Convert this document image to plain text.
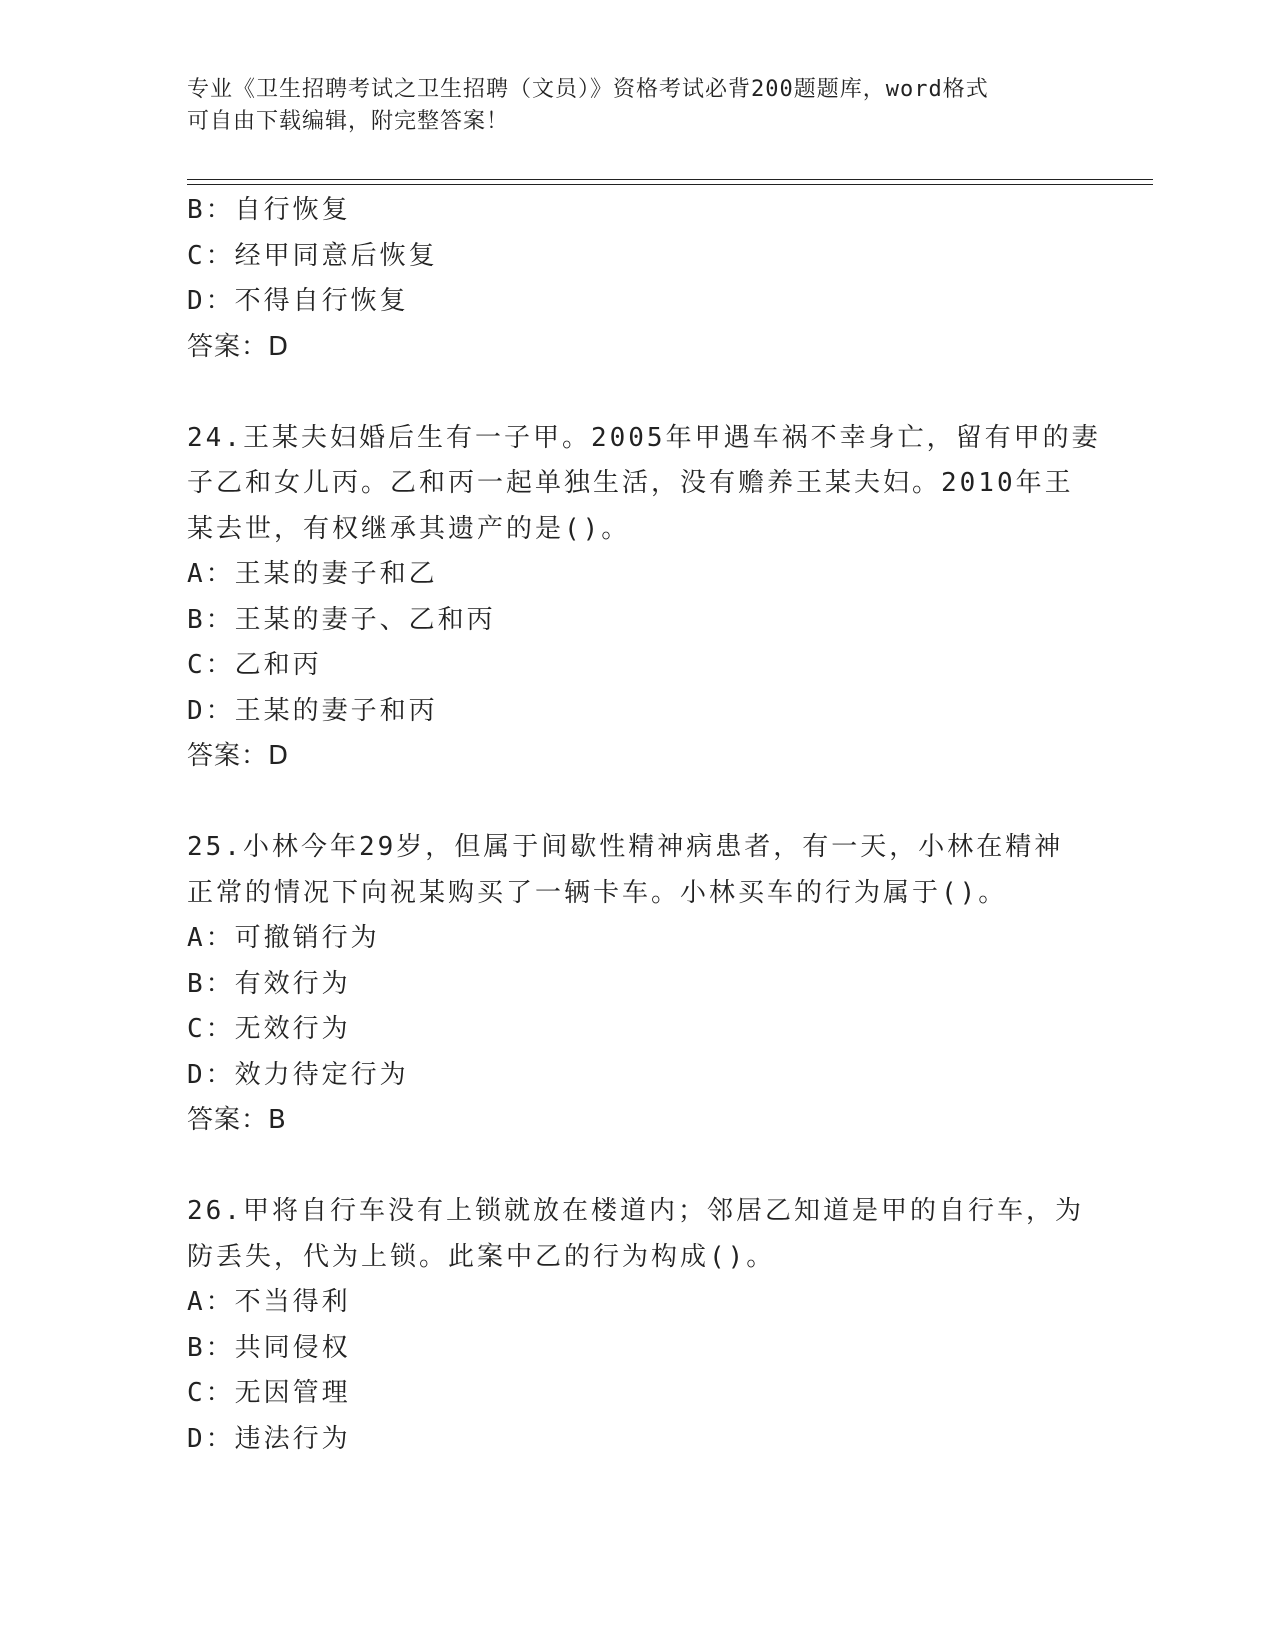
专业《卫生招聘考试之卫生招聘（文员）》资格考试必背200题题库，word格式
可自由下载编辑，附完整答案！
B：自行恢复
C：经甲同意后恢复
D：不得自行恢复
答案：D
24.王某夫妇婚后生有一子甲。2005年甲遇车祸不幸身亡，留有甲的妻
子乙和女儿丙。乙和丙一起单独生活，没有赡养王某夫妇。2010年王
某去世，有权继承其遗产的是()。
A：王某的妻子和乙
B：王某的妻子、乙和丙
C：乙和丙
D：王某的妻子和丙
答案：D
25.小林今年29岁，但属于间歇性精神病患者，有一天，小林在精神
正常的情况下向祝某购买了一辆卡车。小林买车的行为属于()。
A：可撤销行为
B：有效行为
C：无效行为
D：效力待定行为
答案：B
26.甲将自行车没有上锁就放在楼道内；邻居乙知道是甲的自行车，为
防丢失，代为上锁。此案中乙的行为构成()。
A：不当得利
B：共同侵权
C：无因管理
D：违法行为
